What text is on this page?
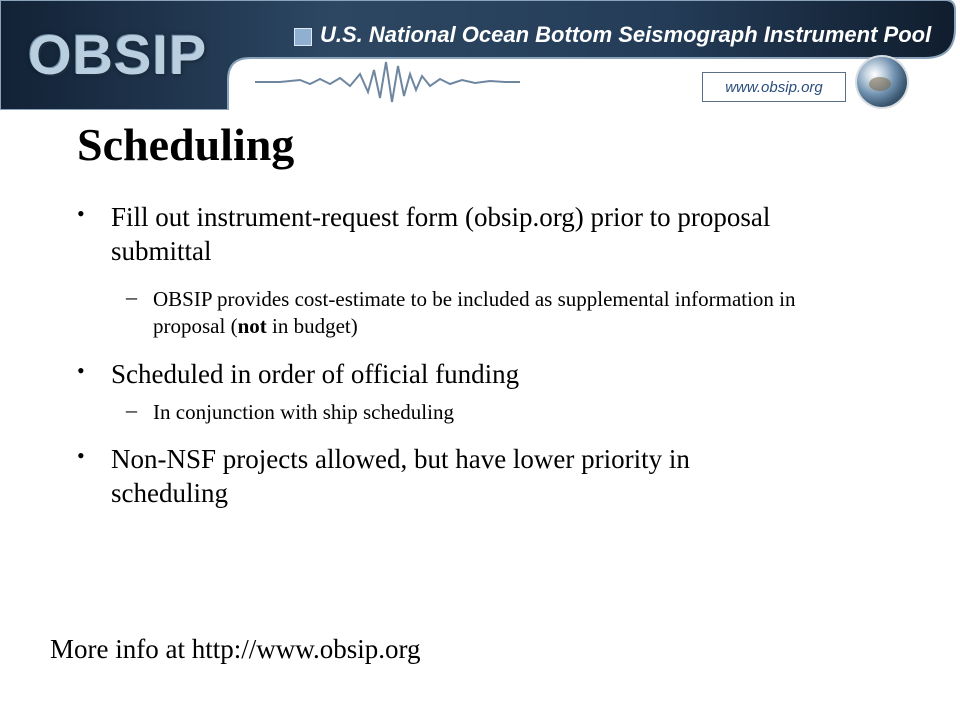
OBSIP	U.S. National Ocean Bottom Seismograph Instrument Pool
www.obsip.org
Scheduling
• Fill out instrument-request form (obsip.org) prior to proposal submittal
– OBSIP provides cost-estimate to be included as supplemental information in proposal (not in budget)
• Scheduled in order of official funding
– In conjunction with ship scheduling
• Non-NSF projects allowed, but have lower priority in scheduling
More info at http://www.obsip.org
